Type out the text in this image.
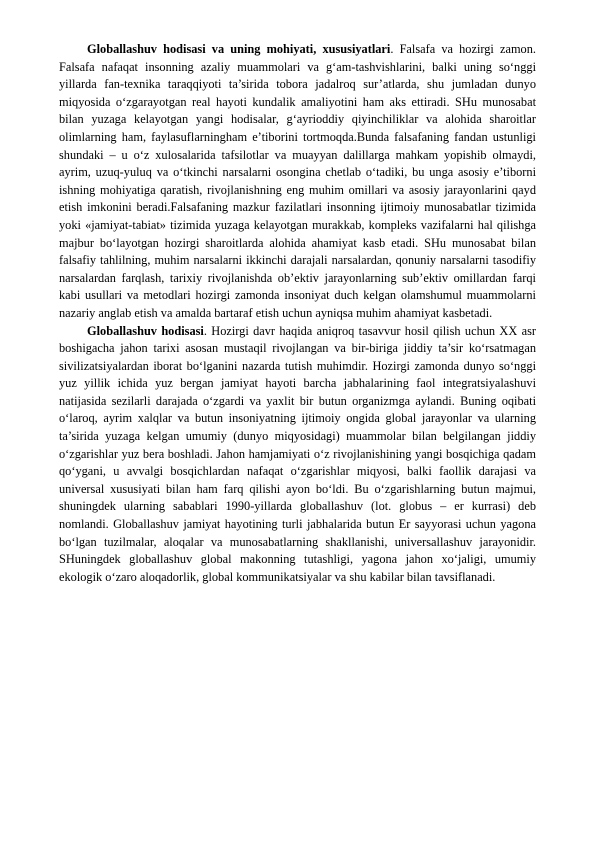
Globallashuv hodisasi va uning mohiyati, xususiyatlari. Falsafa va hozirgi zamon. Falsafa nafaqat insonning azaliy muammolari va g‘am-tashvishlarini, balki uning so‘nggi yillarda fan-texnika taraqqiyoti ta’sirida tobora jadalroq sur’atlarda, shu jumladan dunyo miqyosida o‘zgarayotgan real hayoti kundalik amaliyotini ham aks ettiradi. SHu munosabat bilan yuzaga kelayotgan yangi hodisalar, g‘ayrioddiy qiyinchiliklar va alohida sharoitlar olimlarning ham, faylasuflarningham e’tiborini tortmoqda.Bunda falsafaning fandan ustunligi shundaki – u o‘z xulosalarida tafsilotlar va muayyan dalillarga mahkam yopishib olmaydi, ayrim, uzuq-yuluq va o‘tkinchi narsalarni osongina chetlab o‘tadiki, bu unga asosiy e’tiborni ishning mohiyatiga qaratish, rivojlanishning eng muhim omillari va asosiy jarayonlarini qayd etish imkonini beradi.Falsafaning mazkur fazilatlari insonning ijtimoiy munosabatlar tizimida yoki «jamiyat-tabiat» tizimida yuzaga kelayotgan murakkab, kompleks vazifalarni hal qilishga majbur bo‘layotgan hozirgi sharoitlarda alohida ahamiyat kasb etadi. SHu munosabat bilan falsafiy tahlilning, muhim narsalarni ikkinchi darajali narsalardan, qonuniy narsalarni tasodifiy narsalardan farqlash, tarixiy rivojlanishda ob’ektiv jarayonlarning sub’ektiv omillardan farqi kabi usullari va metodlari hozirgi zamonda insoniyat duch kelgan olamshumul muammolarni nazariy anglab etish va amalda bartaraf etish uchun ayniqsa muhim ahamiyat kasbetadi.

Globallashuv hodisasi. Hozirgi davr haqida aniqroq tasavvur hosil qilish uchun XX asr boshigacha jahon tarixi asosan mustaqil rivojlangan va bir-biriga jiddiy ta’sir ko‘rsatmagan sivilizatsiyalardan iborat bo‘lganini nazarda tutish muhimdir. Hozirgi zamonda dunyo so‘nggi yuz yillik ichida yuz bergan jamiyat hayoti barcha jabhalarining faol integratsiyalashuvi natijasida sezilarli darajada o‘zgardi va yaxlit bir butun organizmga aylandi. Buning oqibati o‘laroq, ayrim xalqlar va butun insoniyatning ijtimoiy ongida global jarayonlar va ularning ta’sirida yuzaga kelgan umumiy (dunyo miqyosidagi) muammolar bilan belgilangan jiddiy o‘zgarishlar yuz bera boshladi. Jahon hamjamiyati o‘z rivojlanishining yangi bosqichiga qadam qo‘ygani, u avvalgi bosqichlardan nafaqat o‘zgarishlar miqyosi, balki faollik darajasi va universal xususiyati bilan ham farq qilishi ayon bo‘ldi. Bu o‘zgarishlarning butun majmui, shuningdek ularning sabablari 1990-yillarda globallashuv (lot. globus – er kurrasi) deb nomlandi. Globallashuv jamiyat hayotining turli jabhalarida butun Er sayyorasi uchun yagona bo‘lgan tuzilmalar, aloqalar va munosabatlarning shakllanishi, universallashuv jarayonidir. SHuningdek globallashuv global makonning tutashligi, yagona jahon xo‘jaligi, umumiy ekologik o‘zaro aloqadorlik, global kommunikatsiyalar va shu kabilar bilan tavsiflanadi.
